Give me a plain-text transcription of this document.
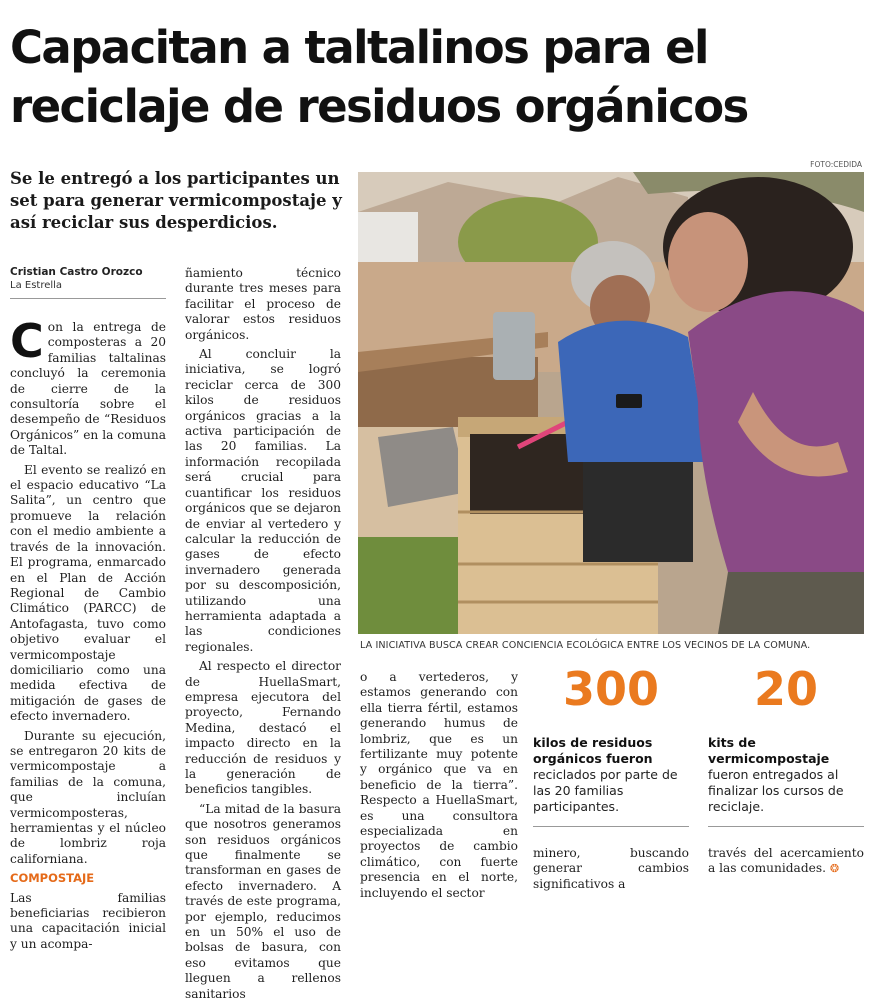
Capacitan a taltalinos para el reciclaje de residuos orgánicos

Se le entregó a los participantes un set para generar vermicompostaje y así reciclar sus desperdicios.

Cristian Castro Orozco
La Estrella

Con la entrega de composteras a 20 familias taltalinas concluyó la ceremonia de cierre de la consultoría sobre el desempeño de “Residuos Orgánicos” en la comuna de Taltal.

El evento se realizó en el espacio educativo “La Salita”, un centro que promueve la relación con el medio ambiente a través de la innovación. El programa, enmarcado en el Plan de Acción Regional de Cambio Climático (PARCC) de Antofagasta, tuvo como objetivo evaluar el vermicompostaje domiciliario como una medida efectiva de mitigación de gases de efecto invernadero.

Durante su ejecución, se entregaron 20 kits de vermicompostaje a familias de la comuna, que incluían vermicomposteras, herramientas y el núcleo de lombriz roja californiana.

COMPOSTAJE

Las familias beneficiarias recibieron una capacitación inicial y un acompa-

ñamiento técnico durante tres meses para facilitar el proceso de valorar estos residuos orgánicos.

Al concluir la iniciativa, se logró reciclar cerca de 300 kilos de residuos orgánicos gracias a la activa participación de las 20 familias. La información recopilada será crucial para cuantificar los residuos orgánicos que se dejaron de enviar al vertedero y calcular la reducción de gases de efecto invernadero generada por su descomposición, utilizando una herramienta adaptada a las condiciones regionales.

Al respecto el director de HuellaSmart, empresa ejecutora del proyecto, Fernando Medina, destacó el impacto directo en la reducción de residuos y la generación de beneficios tangibles.

“La mitad de la basura que nosotros generamos son residuos orgánicos que finalmente se transforman en gases de efecto invernadero. A través de este programa, por ejemplo, reducimos en un 50% el uso de bolsas de basura, con eso evitamos que lleguen a rellenos sanitarios

FOTO:CEDIDA
LA INICIATIVA BUSCA CREAR CONCIENCIA ECOLÓGICA ENTRE LOS VECINOS DE LA COMUNA.

o a vertederos, y estamos generando con ella tierra fértil, estamos generando humus de lombriz, que es un fertilizante muy potente y orgánico que va en beneficio de la tierra”. Respecto a HuellaSmart, es una consultora especializada en proyectos de cambio climático, con fuerte presencia en el norte, incluyendo el sector

300
kilos de residuos orgánicos fueron reciclados por parte de las 20 familias participantes.
20
kits de vermicompostaje fueron entregados al finalizar los cursos de reciclaje.

minero, buscando generar cambios significativos a

través del acercamiento a las comunidades. ❂
